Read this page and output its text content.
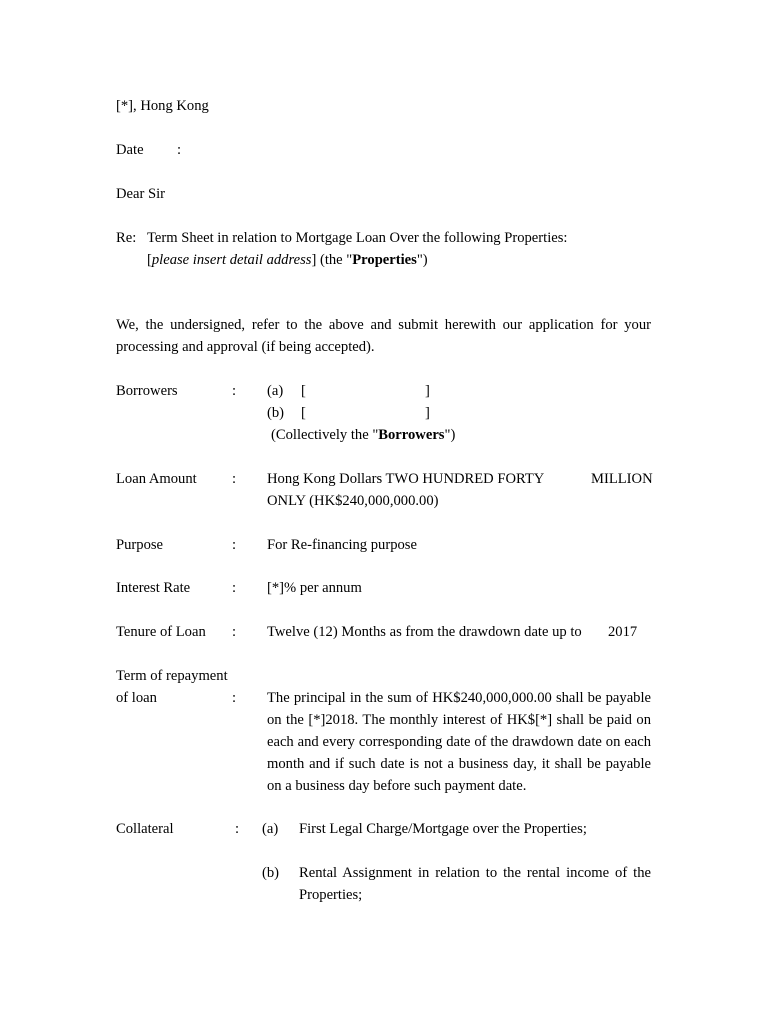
[*], Hong Kong
Date :
Dear Sir
Re: Term Sheet in relation to Mortgage Loan Over the following Properties:
[please insert detail address] (the "Properties")
We, the undersigned, refer to the above and submit herewith our application for your processing and approval (if being accepted).
Borrowers	: (a) [	]
(b) [	]
(Collectively the "Borrowers")
Loan Amount : Hong Kong Dollars TWO HUNDRED FORTY	MILLION
ONLY (HK$240,000,000.00)
Purpose	: For Re-financing purpose
Interest Rate	: [*]% per annum
Tenure of Loan : Twelve (12) Months as from the drawdown date up to 2017
Term of repayment
of loan	: The principal in the sum of HK$240,000,000.00 shall be payable on the [*]2018. The monthly interest of HK$[*] shall be paid on each and every corresponding date of the drawdown date on each month and if such date is not a business day, it shall be payable on a business day before such payment date.
Collateral	: (a) First Legal Charge/Mortgage over the Properties;
(b) Rental Assignment in relation to the rental income of the Properties;
